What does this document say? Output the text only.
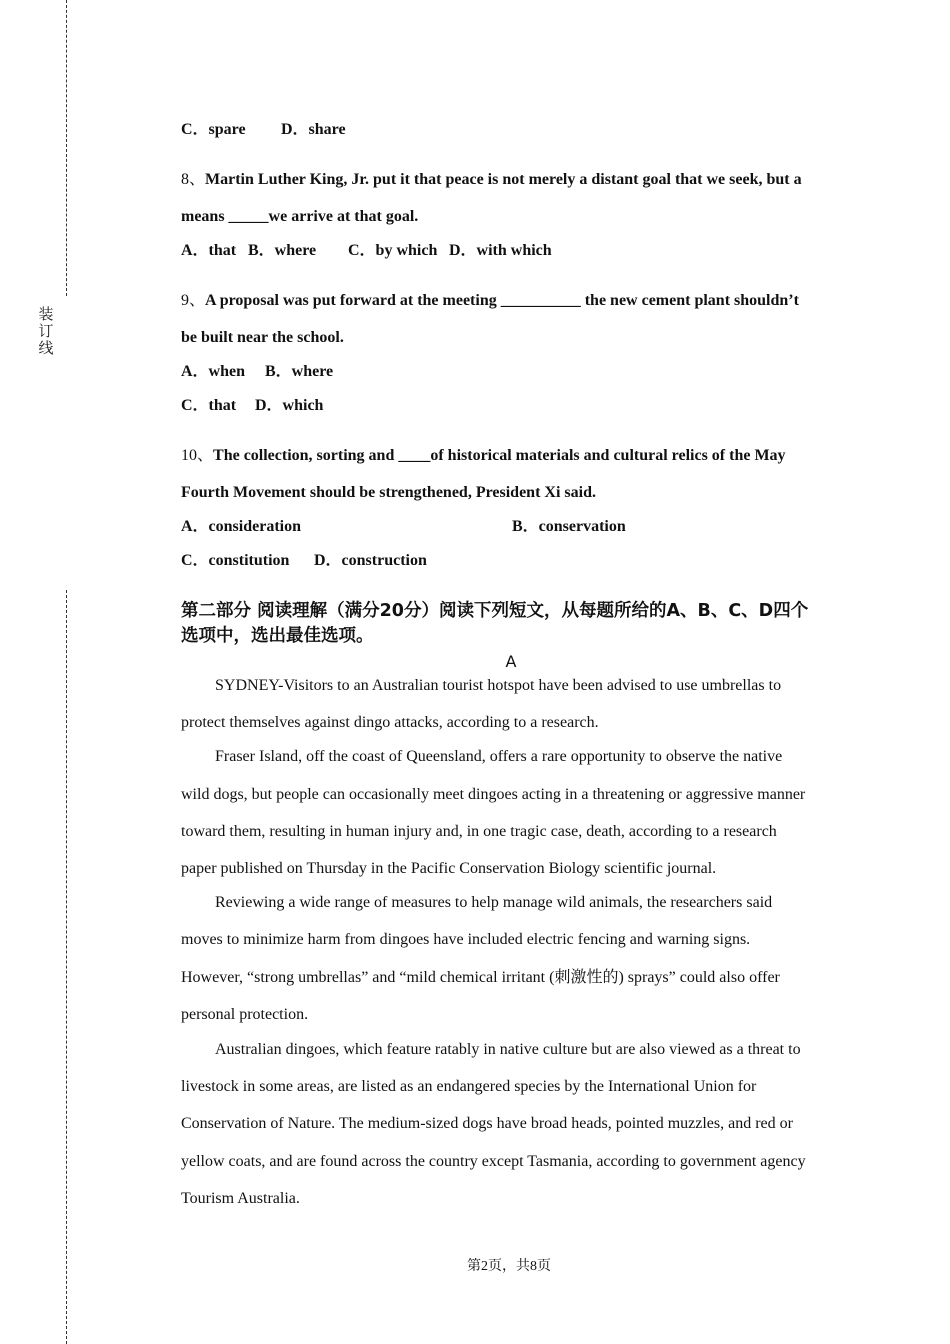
装
订
线
C．spare D．share
8、Martin Luther King, Jr. put it that peace is not merely a distant goal that we seek, but a
means _____we arrive at that goal.
A．that B．where C．by which D．with which
9、A proposal was put forward at the meeting __________ the new cement plant shouldn’t
be built near the school.
A．when B．where
C．that D．which
10、The collection, sorting and ____of historical materials and cultural relics of the May
Fourth Movement should be strengthened, President Xi said.
A．consideration	B．conservation
C．constitution D．construction
第二部分 阅读理解（满分20分）阅读下列短文，从每题所给的A、B、C、D四个
选项中，选出最佳选项。
A
SYDNEY-Visitors to an Australian tourist hotspot have been advised to use umbrellas to
protect themselves against dingo attacks, according to a research.
Fraser Island, off the coast of Queensland, offers a rare opportunity to observe the native
wild dogs, but people can occasionally meet dingoes acting in a threatening or aggressive manner
toward them, resulting in human injury and, in one tragic case, death, according to a research
paper published on Thursday in the Pacific Conservation Biology scientific journal.
Reviewing a wide range of measures to help manage wild animals, the researchers said
moves to minimize harm from dingoes have included electric fencing and warning signs.
However, “strong umbrellas” and “mild chemical irritant (刺激性的) sprays” could also offer
personal protection.
Australian dingoes, which feature ratably in native culture but are also viewed as a threat to
livestock in some areas, are listed as an endangered species by the International Union for
Conservation of Nature. The medium-sized dogs have broad heads, pointed muzzles, and red or
yellow coats, and are found across the country except Tasmania, according to government agency
Tourism Australia.
第2页，共8页
